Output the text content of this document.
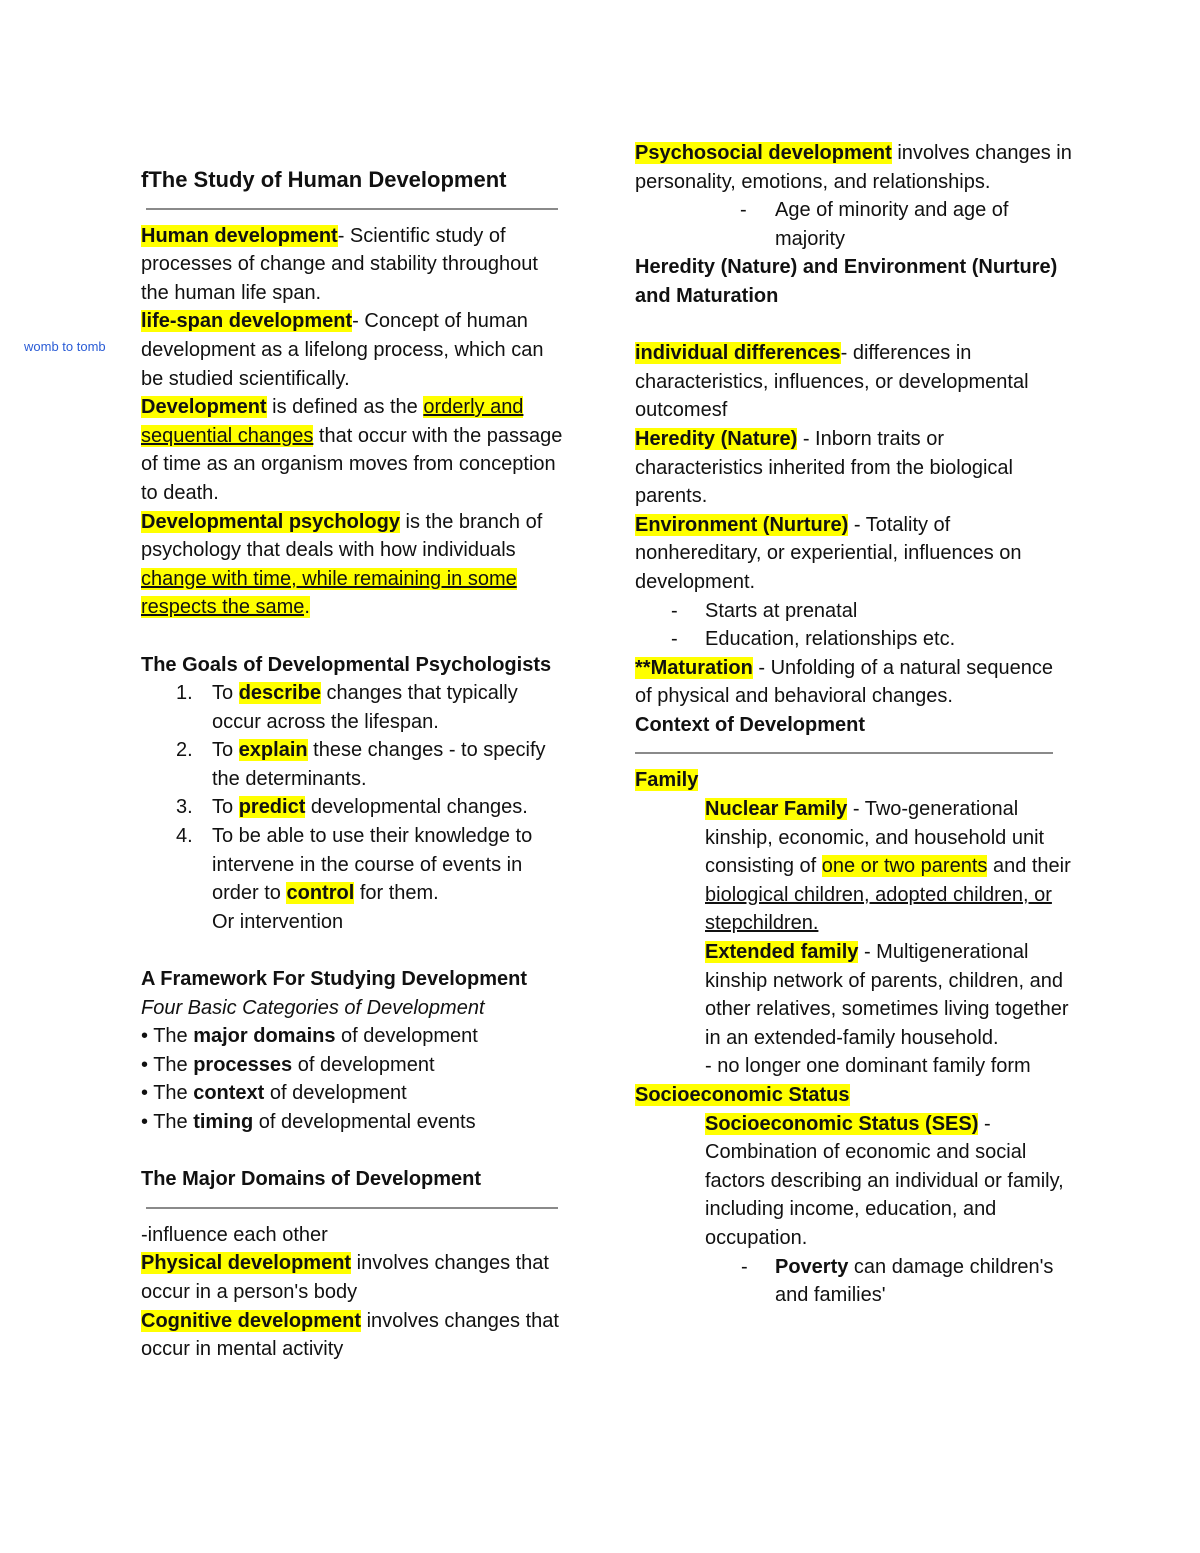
womb to tomb

fThe Study of Human Development

Human development- Scientific study of processes of change and stability throughout the human life span.

life-span development- Concept of human development as a lifelong process, which can be studied scientifically.

Development is defined as the orderly and sequential changes that occur with the passage of time as an organism moves from conception to death.

Developmental psychology is the branch of psychology that deals with how individuals change with time, while remaining in some respects the same.

The Goals of Developmental Psychologists

1. To describe changes that typically occur across the lifespan.

2. To explain these changes - to specify the determinants.

3. To predict developmental changes.

4. To be able to use their knowledge to intervene in the course of events in order to control for them.

Or intervention

A Framework For Studying Development

Four Basic Categories of Development

• The major domains of development

• The processes of development

• The context of development

• The timing of developmental events

The Major Domains of Development

-influence each other

Physical development involves changes that occur in a person's body

Cognitive development involves changes that occur in mental activity

Psychosocial development involves changes in personality, emotions, and relationships.

- Age of minority and age of majority

Heredity (Nature) and Environment (Nurture) and Maturation

individual differences- differences in characteristics, influences, or developmental outcomesf

Heredity (Nature) - Inborn traits or characteristics inherited from the biological parents.

Environment (Nurture) - Totality of nonhereditary, or experiential, influences on development.

- Starts at prenatal

- Education, relationships etc.

**Maturation - Unfolding of a natural sequence of physical and behavioral changes.

Context of Development

Family

Nuclear Family - Two-generational kinship, economic, and household unit consisting of one or two parents and their biological children, adopted children, or stepchildren.

Extended family - Multigenerational kinship network of parents, children, and other relatives, sometimes living together in an extended-family household.

- no longer one dominant family form

Socioeconomic Status

Socioeconomic Status (SES) - Combination of economic and social factors describing an individual or family, including income, education, and occupation.

- Poverty can damage children's and families'
